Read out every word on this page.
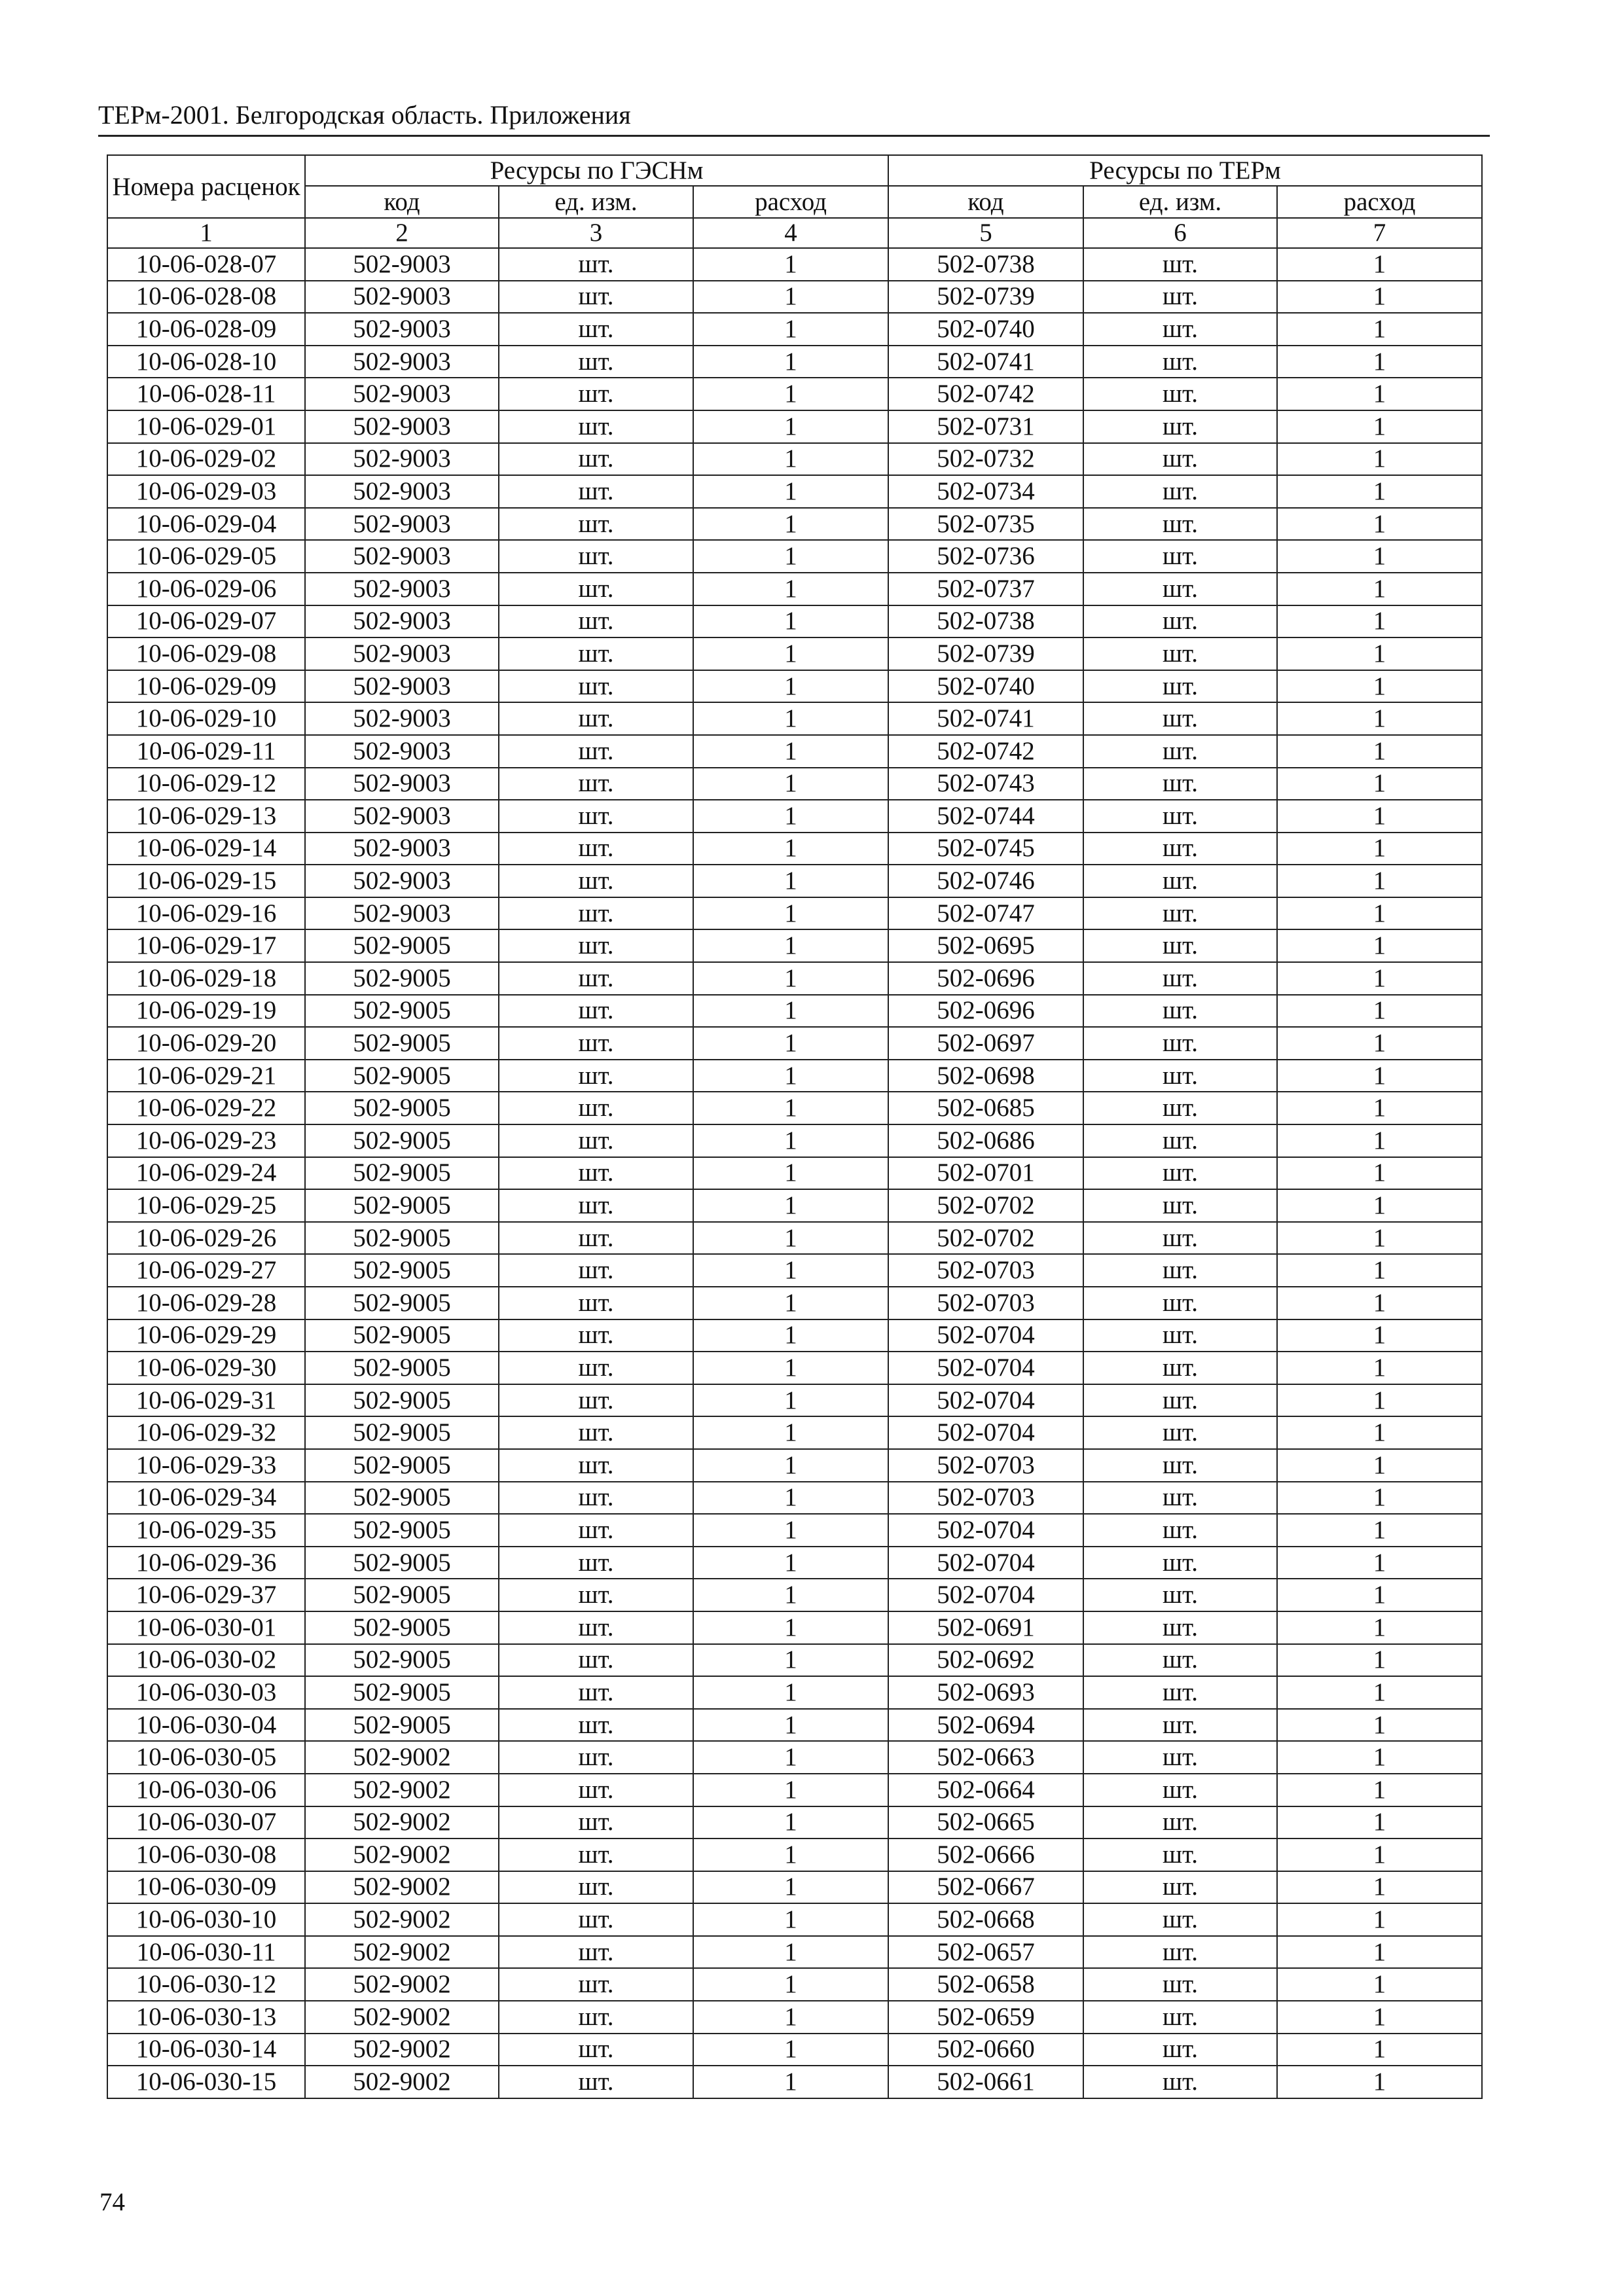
ТЕРм-2001. Белгородская область. Приложения
Номера расценок	Ресурсы по ГЭСНм			Ресурсы по ТЕРм		
	код	ед. изм.	расход	код	ед. изм.	расход
1	2	3	4	5	6	7
10-06-028-07	502-9003	шт.	1	502-0738	шт.	1
10-06-028-08	502-9003	шт.	1	502-0739	шт.	1
10-06-028-09	502-9003	шт.	1	502-0740	шт.	1
10-06-028-10	502-9003	шт.	1	502-0741	шт.	1
10-06-028-11	502-9003	шт.	1	502-0742	шт.	1
10-06-029-01	502-9003	шт.	1	502-0731	шт.	1
10-06-029-02	502-9003	шт.	1	502-0732	шт.	1
10-06-029-03	502-9003	шт.	1	502-0734	шт.	1
10-06-029-04	502-9003	шт.	1	502-0735	шт.	1
10-06-029-05	502-9003	шт.	1	502-0736	шт.	1
10-06-029-06	502-9003	шт.	1	502-0737	шт.	1
10-06-029-07	502-9003	шт.	1	502-0738	шт.	1
10-06-029-08	502-9003	шт.	1	502-0739	шт.	1
10-06-029-09	502-9003	шт.	1	502-0740	шт.	1
10-06-029-10	502-9003	шт.	1	502-0741	шт.	1
10-06-029-11	502-9003	шт.	1	502-0742	шт.	1
10-06-029-12	502-9003	шт.	1	502-0743	шт.	1
10-06-029-13	502-9003	шт.	1	502-0744	шт.	1
10-06-029-14	502-9003	шт.	1	502-0745	шт.	1
10-06-029-15	502-9003	шт.	1	502-0746	шт.	1
10-06-029-16	502-9003	шт.	1	502-0747	шт.	1
10-06-029-17	502-9005	шт.	1	502-0695	шт.	1
10-06-029-18	502-9005	шт.	1	502-0696	шт.	1
10-06-029-19	502-9005	шт.	1	502-0696	шт.	1
10-06-029-20	502-9005	шт.	1	502-0697	шт.	1
10-06-029-21	502-9005	шт.	1	502-0698	шт.	1
10-06-029-22	502-9005	шт.	1	502-0685	шт.	1
10-06-029-23	502-9005	шт.	1	502-0686	шт.	1
10-06-029-24	502-9005	шт.	1	502-0701	шт.	1
10-06-029-25	502-9005	шт.	1	502-0702	шт.	1
10-06-029-26	502-9005	шт.	1	502-0702	шт.	1
10-06-029-27	502-9005	шт.	1	502-0703	шт.	1
10-06-029-28	502-9005	шт.	1	502-0703	шт.	1
10-06-029-29	502-9005	шт.	1	502-0704	шт.	1
10-06-029-30	502-9005	шт.	1	502-0704	шт.	1
10-06-029-31	502-9005	шт.	1	502-0704	шт.	1
10-06-029-32	502-9005	шт.	1	502-0704	шт.	1
10-06-029-33	502-9005	шт.	1	502-0703	шт.	1
10-06-029-34	502-9005	шт.	1	502-0703	шт.	1
10-06-029-35	502-9005	шт.	1	502-0704	шт.	1
10-06-029-36	502-9005	шт.	1	502-0704	шт.	1
10-06-029-37	502-9005	шт.	1	502-0704	шт.	1
10-06-030-01	502-9005	шт.	1	502-0691	шт.	1
10-06-030-02	502-9005	шт.	1	502-0692	шт.	1
10-06-030-03	502-9005	шт.	1	502-0693	шт.	1
10-06-030-04	502-9005	шт.	1	502-0694	шт.	1
10-06-030-05	502-9002	шт.	1	502-0663	шт.	1
10-06-030-06	502-9002	шт.	1	502-0664	шт.	1
10-06-030-07	502-9002	шт.	1	502-0665	шт.	1
10-06-030-08	502-9002	шт.	1	502-0666	шт.	1
10-06-030-09	502-9002	шт.	1	502-0667	шт.	1
10-06-030-10	502-9002	шт.	1	502-0668	шт.	1
10-06-030-11	502-9002	шт.	1	502-0657	шт.	1
10-06-030-12	502-9002	шт.	1	502-0658	шт.	1
10-06-030-13	502-9002	шт.	1	502-0659	шт.	1
10-06-030-14	502-9002	шт.	1	502-0660	шт.	1
10-06-030-15	502-9002	шт.	1	502-0661	шт.	1
74
